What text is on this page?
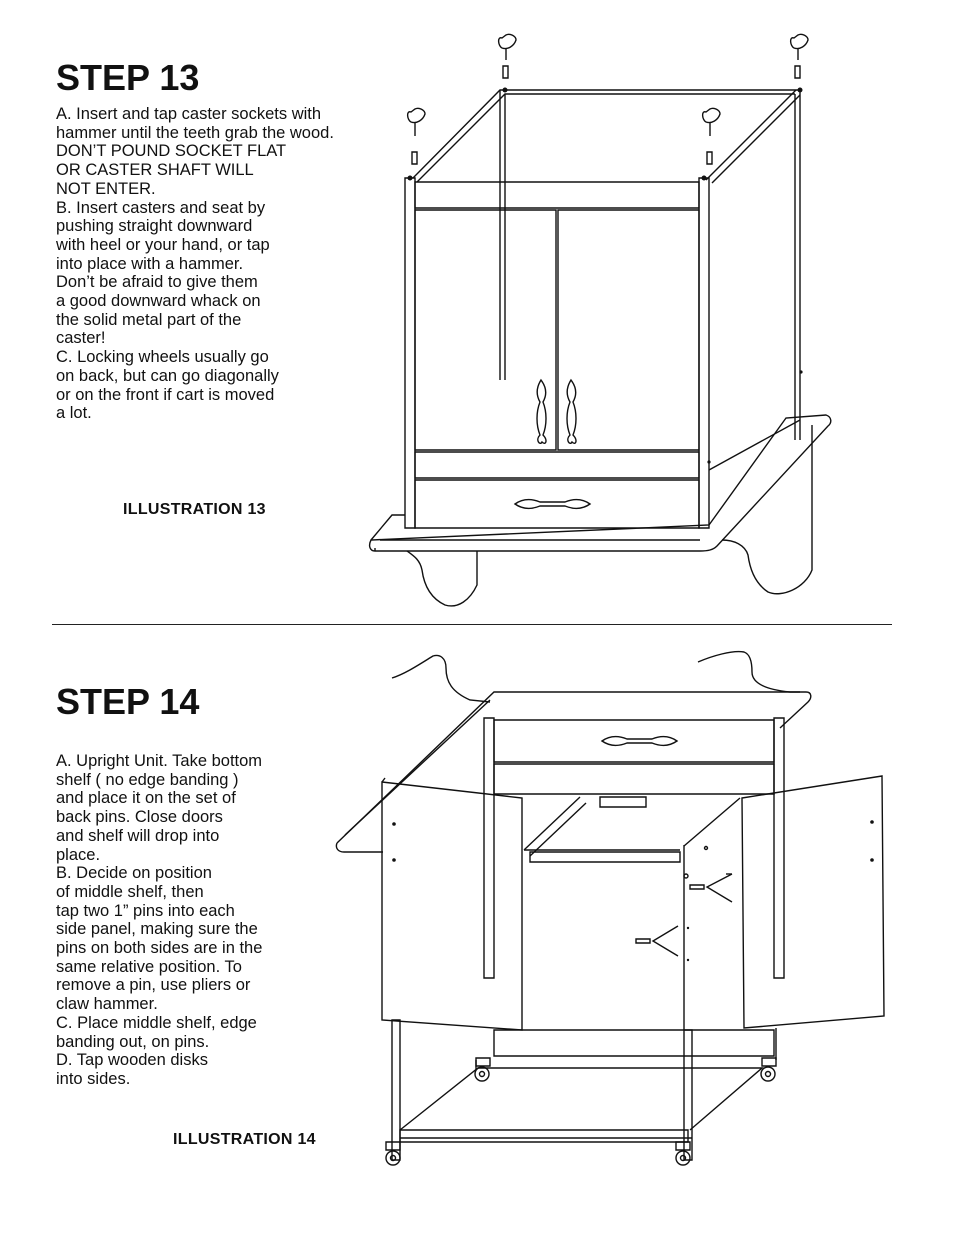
STEP 13
A. Insert and tap caster sockets with
hammer until the teeth grab the wood.
DON’T POUND SOCKET FLAT
OR CASTER SHAFT WILL
NOT ENTER.
B. Insert casters and seat by
pushing straight downward
with heel or your hand, or tap
into place with a hammer.
Don’t be afraid to give them
a good downward whack on
the solid metal part of the
caster!
C. Locking wheels usually go
on back, but can go diagonally
or on the front if cart is moved
a lot.
ILLUSTRATION 13
STEP 14
A. Upright Unit. Take bottom
shelf ( no edge banding )
and place it on the set of
back pins. Close doors
and shelf will drop into
place.
B. Decide on position
of middle shelf, then
tap two 1” pins into each
side panel, making sure the
pins on both sides are in the
same relative position. To
remove a pin, use pliers or
claw hammer.
C. Place middle shelf, edge
banding out, on pins.
D. Tap wooden disks
into sides.
ILLUSTRATION 14
